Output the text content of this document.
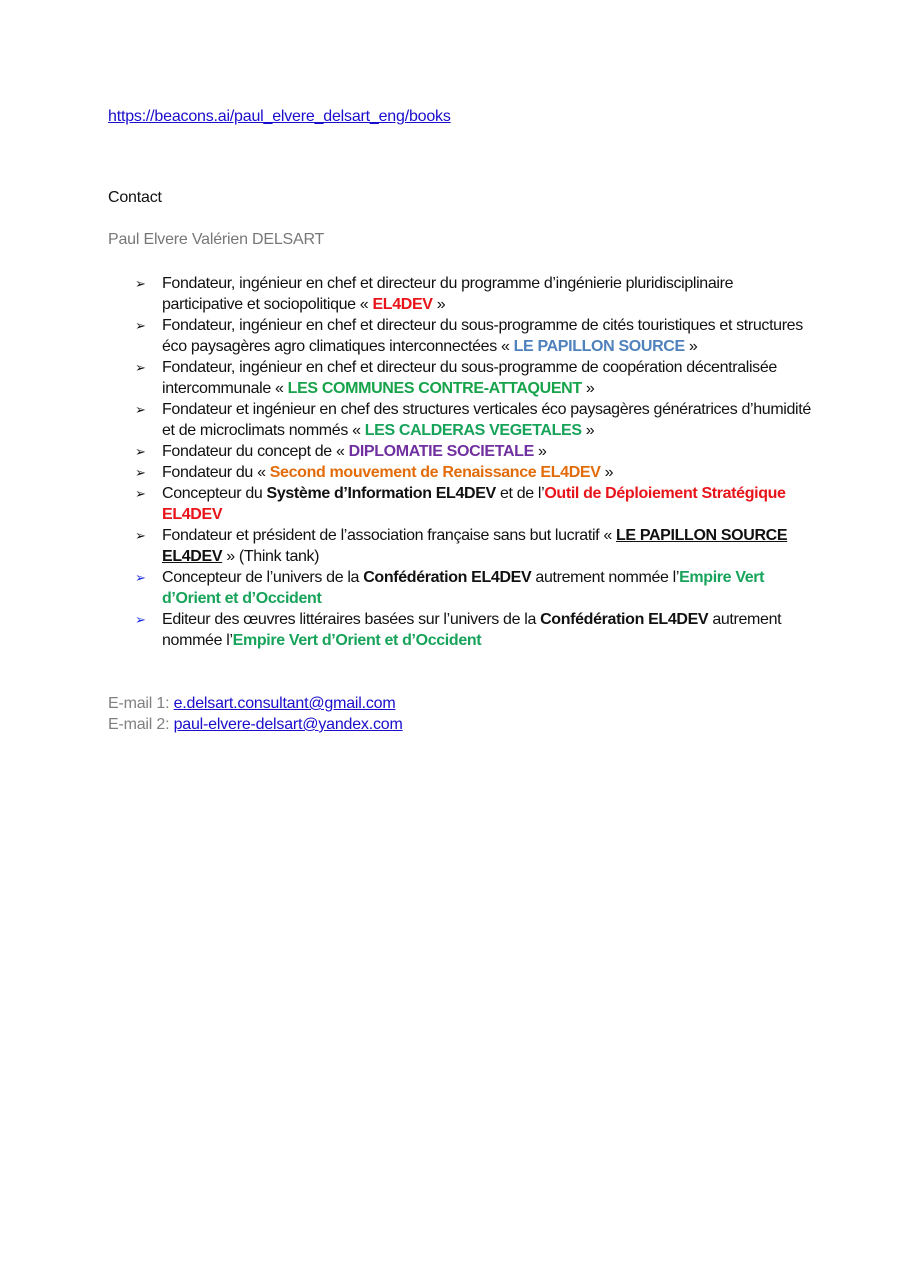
https://beacons.ai/paul_elvere_delsart_eng/books
Contact
Paul Elvere Valérien DELSART
➢ Fondateur, ingénieur en chef et directeur du programme d’ingénierie pluridisciplinaire participative et sociopolitique « EL4DEV »
➢ Fondateur, ingénieur en chef et directeur du sous-programme de cités touristiques et structures éco paysagères agro climatiques interconnectées « LE PAPILLON SOURCE »
➢ Fondateur, ingénieur en chef et directeur du sous-programme de coopération décentralisée intercommunale « LES COMMUNES CONTRE-ATTAQUENT »
➢ Fondateur et ingénieur en chef des structures verticales éco paysagères génératrices d’humidité et de microclimats nommés « LES CALDERAS VEGETALES »
➢ Fondateur du concept de « DIPLOMATIE SOCIETALE »
➢ Fondateur du « Second mouvement de Renaissance EL4DEV »
➢ Concepteur du Système d’Information EL4DEV et de l’Outil de Déploiement Stratégique EL4DEV
➢ Fondateur et président de l’association française sans but lucratif « LE PAPILLON SOURCE EL4DEV » (Think tank)
➢ Concepteur de l’univers de la Confédération EL4DEV autrement nommée l’Empire Vert d’Orient et d’Occident
➢ Editeur des œuvres littéraires basées sur l’univers de la Confédération EL4DEV autrement nommée l’Empire Vert d’Orient et d’Occident
E-mail 1: e.delsart.consultant@gmail.com
E-mail 2: paul-elvere-delsart@yandex.com
